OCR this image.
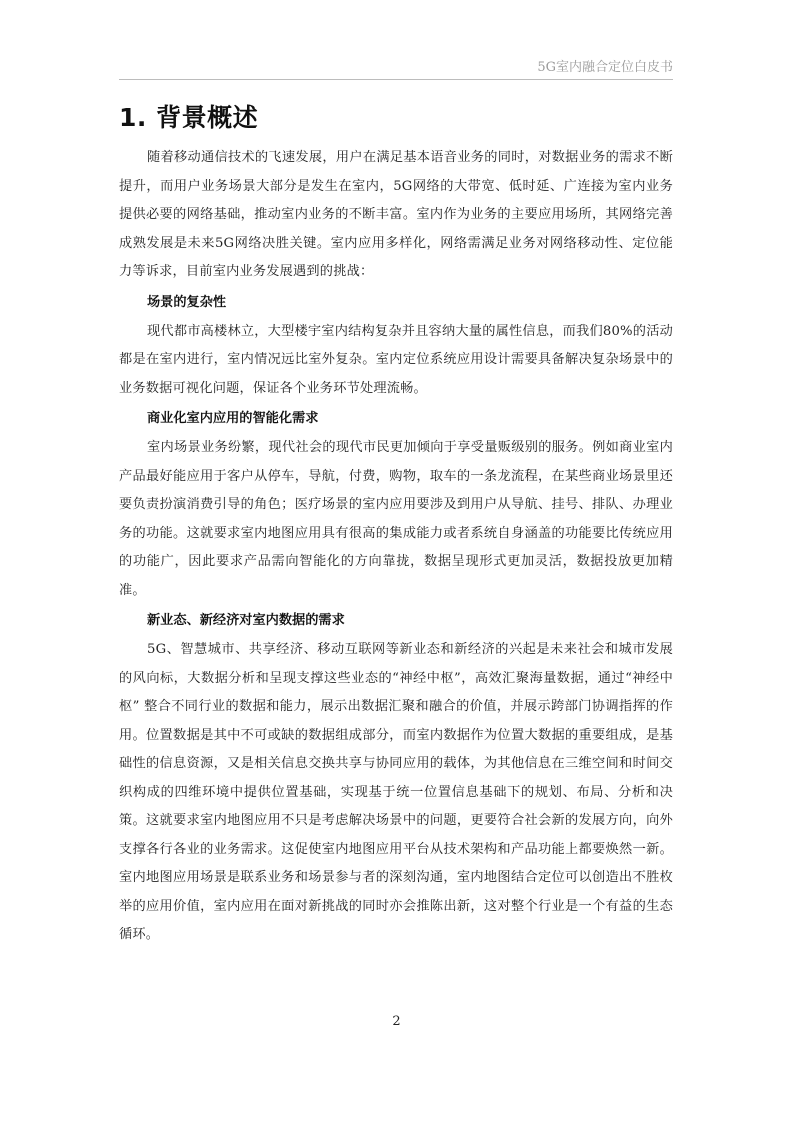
5G室内融合定位白皮书
1. 背景概述

随着移动通信技术的飞速发展，用户在满足基本语音业务的同时，对数据业务的需求不断提升，而用户业务场景大部分是发生在室内，5G网络的大带宽、低时延、广连接为室内业务提供必要的网络基础，推动室内业务的不断丰富。室内作为业务的主要应用场所，其网络完善成熟发展是未来5G网络决胜关键。室内应用多样化，网络需满足业务对网络移动性、定位能力等诉求，目前室内业务发展遇到的挑战：

场景的复杂性

现代都市高楼林立，大型楼宇室内结构复杂并且容纳大量的属性信息，而我们80%的活动都是在室内进行，室内情况远比室外复杂。室内定位系统应用设计需要具备解决复杂场景中的业务数据可视化问题，保证各个业务环节处理流畅。

商业化室内应用的智能化需求

室内场景业务纷繁，现代社会的现代市民更加倾向于享受量贩级别的服务。例如商业室内产品最好能应用于客户从停车，导航，付费，购物，取车的一条龙流程，在某些商业场景里还要负责扮演消费引导的角色；医疗场景的室内应用要涉及到用户从导航、挂号、排队、办理业务的功能。这就要求室内地图应用具有很高的集成能力或者系统自身涵盖的功能要比传统应用的功能广，因此要求产品需向智能化的方向靠拢，数据呈现形式更加灵活，数据投放更加精准。

新业态、新经济对室内数据的需求

5G、智慧城市、共享经济、移动互联网等新业态和新经济的兴起是未来社会和城市发展的风向标，大数据分析和呈现支撑这些业态的“神经中枢”，高效汇聚海量数据，通过“神经中枢” 整合不同行业的数据和能力，展示出数据汇聚和融合的价值，并展示跨部门协调指挥的作用。位置数据是其中不可或缺的数据组成部分，而室内数据作为位置大数据的重要组成，是基础性的信息资源，又是相关信息交换共享与协同应用的载体，为其他信息在三维空间和时间交织构成的四维环境中提供位置基础，实现基于统一位置信息基础下的规划、布局、分析和决策。这就要求室内地图应用不只是考虑解决场景中的问题，更要符合社会新的发展方向，向外支撑各行各业的业务需求。这促使室内地图应用平台从技术架构和产品功能上都要焕然一新。室内地图应用场景是联系业务和场景参与者的深刻沟通，室内地图结合定位可以创造出不胜枚举的应用价值，室内应用在面对新挑战的同时亦会推陈出新，这对整个行业是一个有益的生态循环。

2
